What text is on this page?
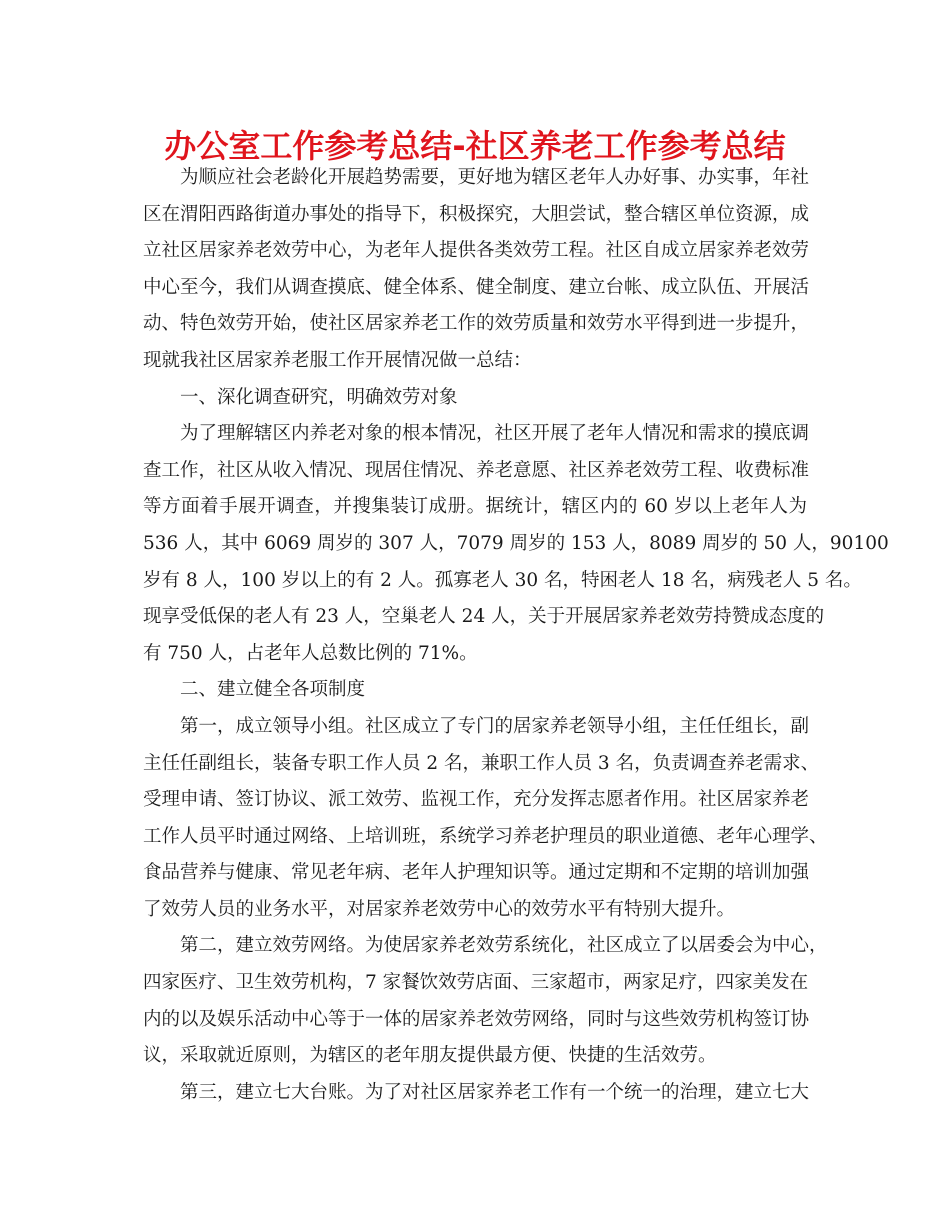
办公室工作参考总结-社区养老工作参考总结
为顺应社会老龄化开展趋势需要，更好地为辖区老年人办好事、办实事，年社
区在渭阳西路街道办事处的指导下，积极探究，大胆尝试，整合辖区单位资源，成
立社区居家养老效劳中心，为老年人提供各类效劳工程。社区自成立居家养老效劳
中心至今，我们从调查摸底、健全体系、健全制度、建立台帐、成立队伍、开展活
动、特色效劳开始，使社区居家养老工作的效劳质量和效劳水平得到进一步提升，
现就我社区居家养老服工作开展情况做一总结：
一、深化调查研究，明确效劳对象
为了理解辖区内养老对象的根本情况，社区开展了老年人情况和需求的摸底调
查工作，社区从收入情况、现居住情况、养老意愿、社区养老效劳工程、收费标准
等方面着手展开调查，并搜集装订成册。据统计，辖区内的 60 岁以上老年人为
536 人，其中 6069 周岁的 307 人，7079 周岁的 153 人，8089 周岁的 50 人，90100
岁有 8 人，100 岁以上的有 2 人。孤寡老人 30 名，特困老人 18 名，病残老人 5 名。
现享受低保的老人有 23 人，空巢老人 24 人，关于开展居家养老效劳持赞成态度的
有 750 人，占老年人总数比例的 71%。
二、建立健全各项制度
第一，成立领导小组。社区成立了专门的居家养老领导小组，主任任组长，副
主任任副组长，装备专职工作人员 2 名，兼职工作人员 3 名，负责调查养老需求、
受理申请、签订协议、派工效劳、监视工作，充分发挥志愿者作用。社区居家养老
工作人员平时通过网络、上培训班，系统学习养老护理员的职业道德、老年心理学、
食品营养与健康、常见老年病、老年人护理知识等。通过定期和不定期的培训加强
了效劳人员的业务水平，对居家养老效劳中心的效劳水平有特别大提升。
第二，建立效劳网络。为使居家养老效劳系统化，社区成立了以居委会为中心，
四家医疗、卫生效劳机构，7 家餐饮效劳店面、三家超市，两家足疗，四家美发在
内的以及娱乐活动中心等于一体的居家养老效劳网络，同时与这些效劳机构签订协
议，采取就近原则，为辖区的老年朋友提供最方便、快捷的生活效劳。
第三，建立七大台账。为了对社区居家养老工作有一个统一的治理，建立七大
